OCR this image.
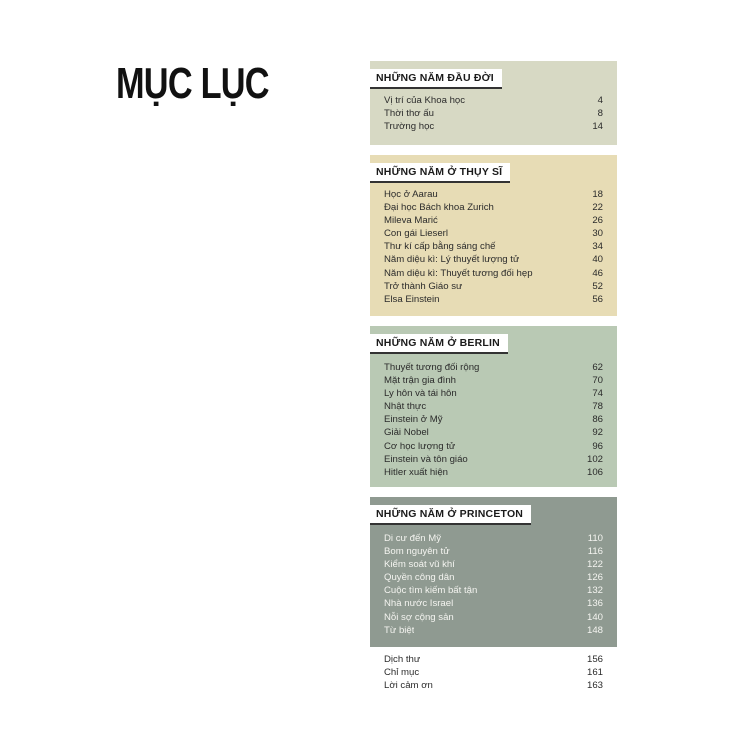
MỤC LỤC	NHỮNG NĂM ĐẦU ĐỜI
Vị trí của Khoa học	4
Thời thơ ấu	8
Trường học	14
NHỮNG NĂM Ở THỤY SĨ
Học ở Aarau	18
Đại học Bách khoa Zurich	22
Mileva Marić	26
Con gái Lieserl	30
Thư kí cấp bằng sáng chế	34
Năm diệu kì: Lý thuyết lượng tử	40
Năm diệu kì: Thuyết tương đối hẹp	46
Trở thành Giáo sư	52
Elsa Einstein	56
NHỮNG NĂM Ở BERLIN
Thuyết tương đối rộng	62
Mặt trận gia đình	70
Ly hôn và tái hôn	74
Nhật thực	78
Einstein ở Mỹ	86
Giải Nobel	92
Cơ học lượng tử	96
Einstein và tôn giáo	102
Hitler xuất hiện	106
NHỮNG NĂM Ở PRINCETON
Di cư đến Mỹ	110
Bom nguyên tử	116
Kiểm soát vũ khí	122
Quyền công dân	126
Cuộc tìm kiếm bất tận	132
Nhà nước Israel	136
Nỗi sợ cộng sản	140
Từ biệt	148
Dịch thư	156
Chỉ mục	161
Lời cảm ơn	163
